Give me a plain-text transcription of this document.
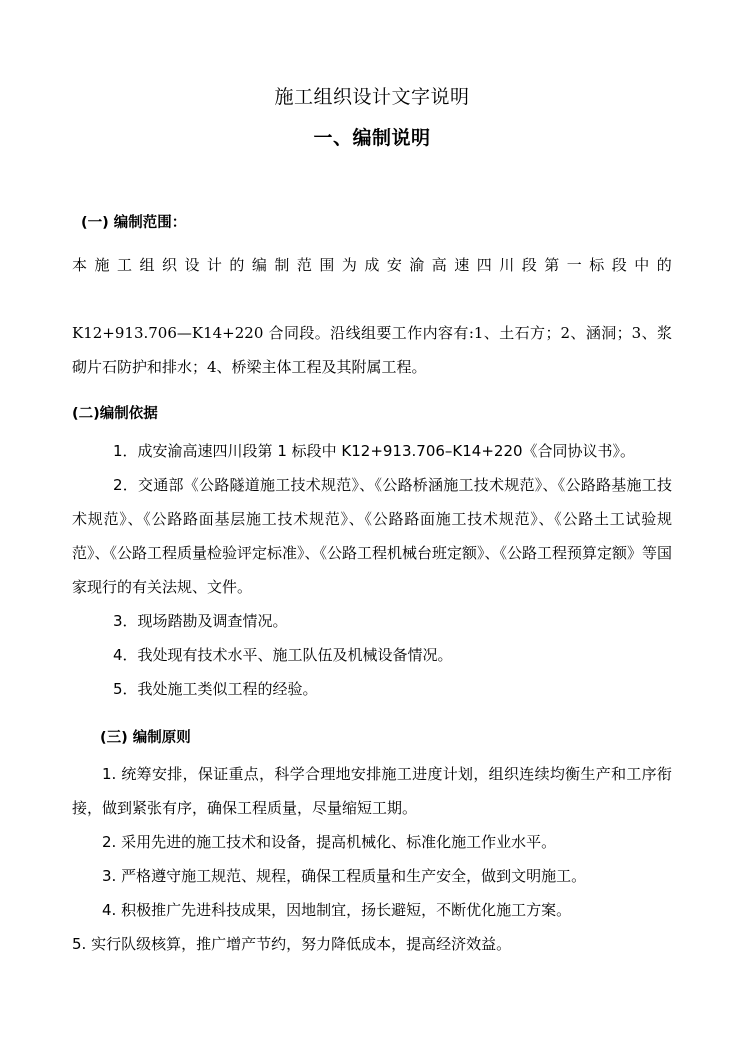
施工组织设计文字说明
一、编制说明
(一) 编制范围：

本施工组织设计的编制范围为成安渝高速四川段第一标段中的
K12+913.706—K14+220 合同段。沿线组要工作内容有:1、土石方；2、涵洞；3、浆砌片石防护和排水；4、桥梁主体工程及其附属工程。

(二)编制依据

1．成安渝高速四川段第 1 标段中 K12+913.706–K14+220《合同协议书》。

2．交通部《公路隧道施工技术规范》、《公路桥涵施工技术规范》、《公路路基施工技术规范》、《公路路面基层施工技术规范》、《公路路面施工技术规范》、《公路土工试验规范》、《公路工程质量检验评定标准》、《公路工程机械台班定额》、《公路工程预算定额》等国家现行的有关法规、文件。

3．现场踏勘及调查情况。

4．我处现有技术水平、施工队伍及机械设备情况。

5．我处施工类似工程的经验。

(三) 编制原则

1. 统筹安排，保证重点，科学合理地安排施工进度计划，组织连续均衡生产和工序衔接，做到紧张有序，确保工程质量，尽量缩短工期。

2. 采用先进的施工技术和设备，提高机械化、标准化施工作业水平。

3. 严格遵守施工规范、规程，确保工程质量和生产安全，做到文明施工。

4. 积极推广先进科技成果，因地制宜，扬长避短，不断优化施工方案。

5. 实行队级核算，推广增产节约，努力降低成本，提高经济效益。
